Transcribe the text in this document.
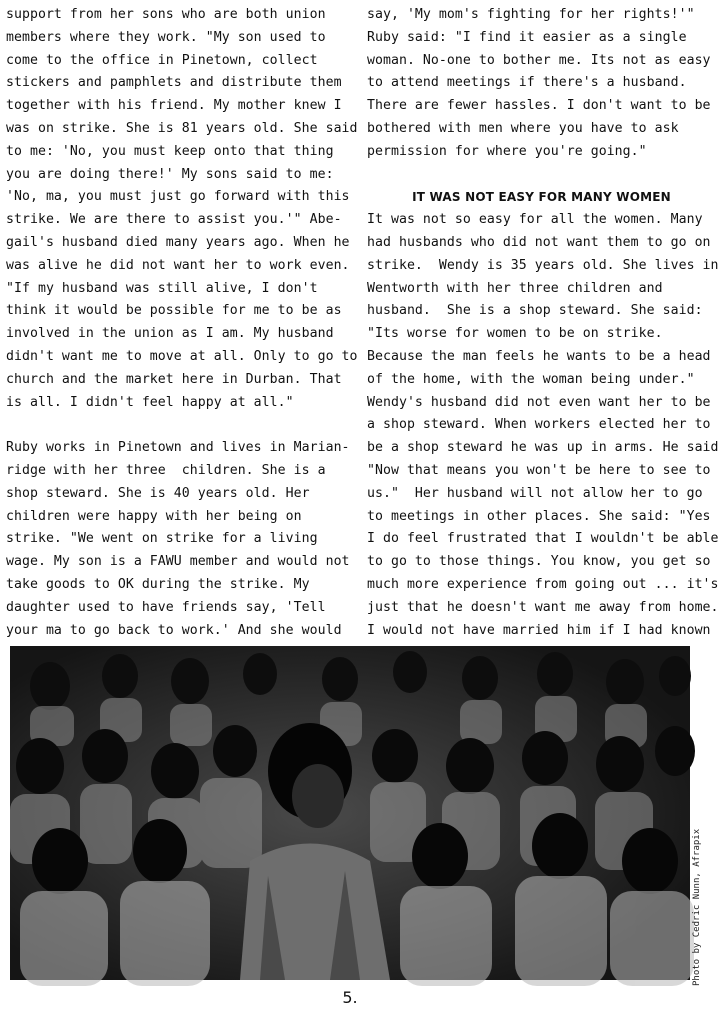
support from her sons who are both union
members where they work. "My son used to
come to the office in Pinetown, collect
stickers and pamphlets and distribute them
together with his friend. My mother knew I
was on strike. She is 81 years old. She said
to me: 'No, you must keep onto that thing
you are doing there!' My sons said to me:
'No, ma, you must just go forward with this
strike. We are there to assist you.'" Abe-
gail's husband died many years ago. When he
was alive he did not want her to work even.
"If my husband was still alive, I don't
think it would be possible for me to be as
involved in the union as I am. My husband
didn't want me to move at all. Only to go to
church and the market here in Durban. That
is all. I didn't feel happy at all."
Ruby works in Pinetown and lives in Marian-
ridge with her three  children. She is a
shop steward. She is 40 years old. Her
children were happy with her being on
strike. "We went on strike for a living
wage. My son is a FAWU member and would not
take goods to OK during the strike. My
daughter used to have friends say, 'Tell
your ma to go back to work.' And she would
say, 'My mom's fighting for her rights!'"
Ruby said: "I find it easier as a single
woman. No-one to bother me. Its not as easy
to attend meetings if there's a husband.
There are fewer hassles. I don't want to be
bothered with men where you have to ask
permission for where you're going."
IT WAS NOT EASY FOR MANY WOMEN
It was not so easy for all the women. Many
had husbands who did not want them to go on
strike.  Wendy is 35 years old. She lives in
Wentworth with her three children and
husband.  She is a shop steward. She said:
"Its worse for women to be on strike.
Because the man feels he wants to be a head
of the home, with the woman being under."
Wendy's husband did not even want her to be
a shop steward. When workers elected her to
be a shop steward he was up in arms. He said
"Now that means you won't be here to see to
us."  Her husband will not allow her to go
to meetings in other places. She said: "Yes
I do feel frustrated that I wouldn't be able
to go to those things. You know, you get so
much more experience from going out ... it's
just that he doesn't want me away from home.
I would not have married him if I had known
Photo by Cedric Nunn, Afrapix
5.
